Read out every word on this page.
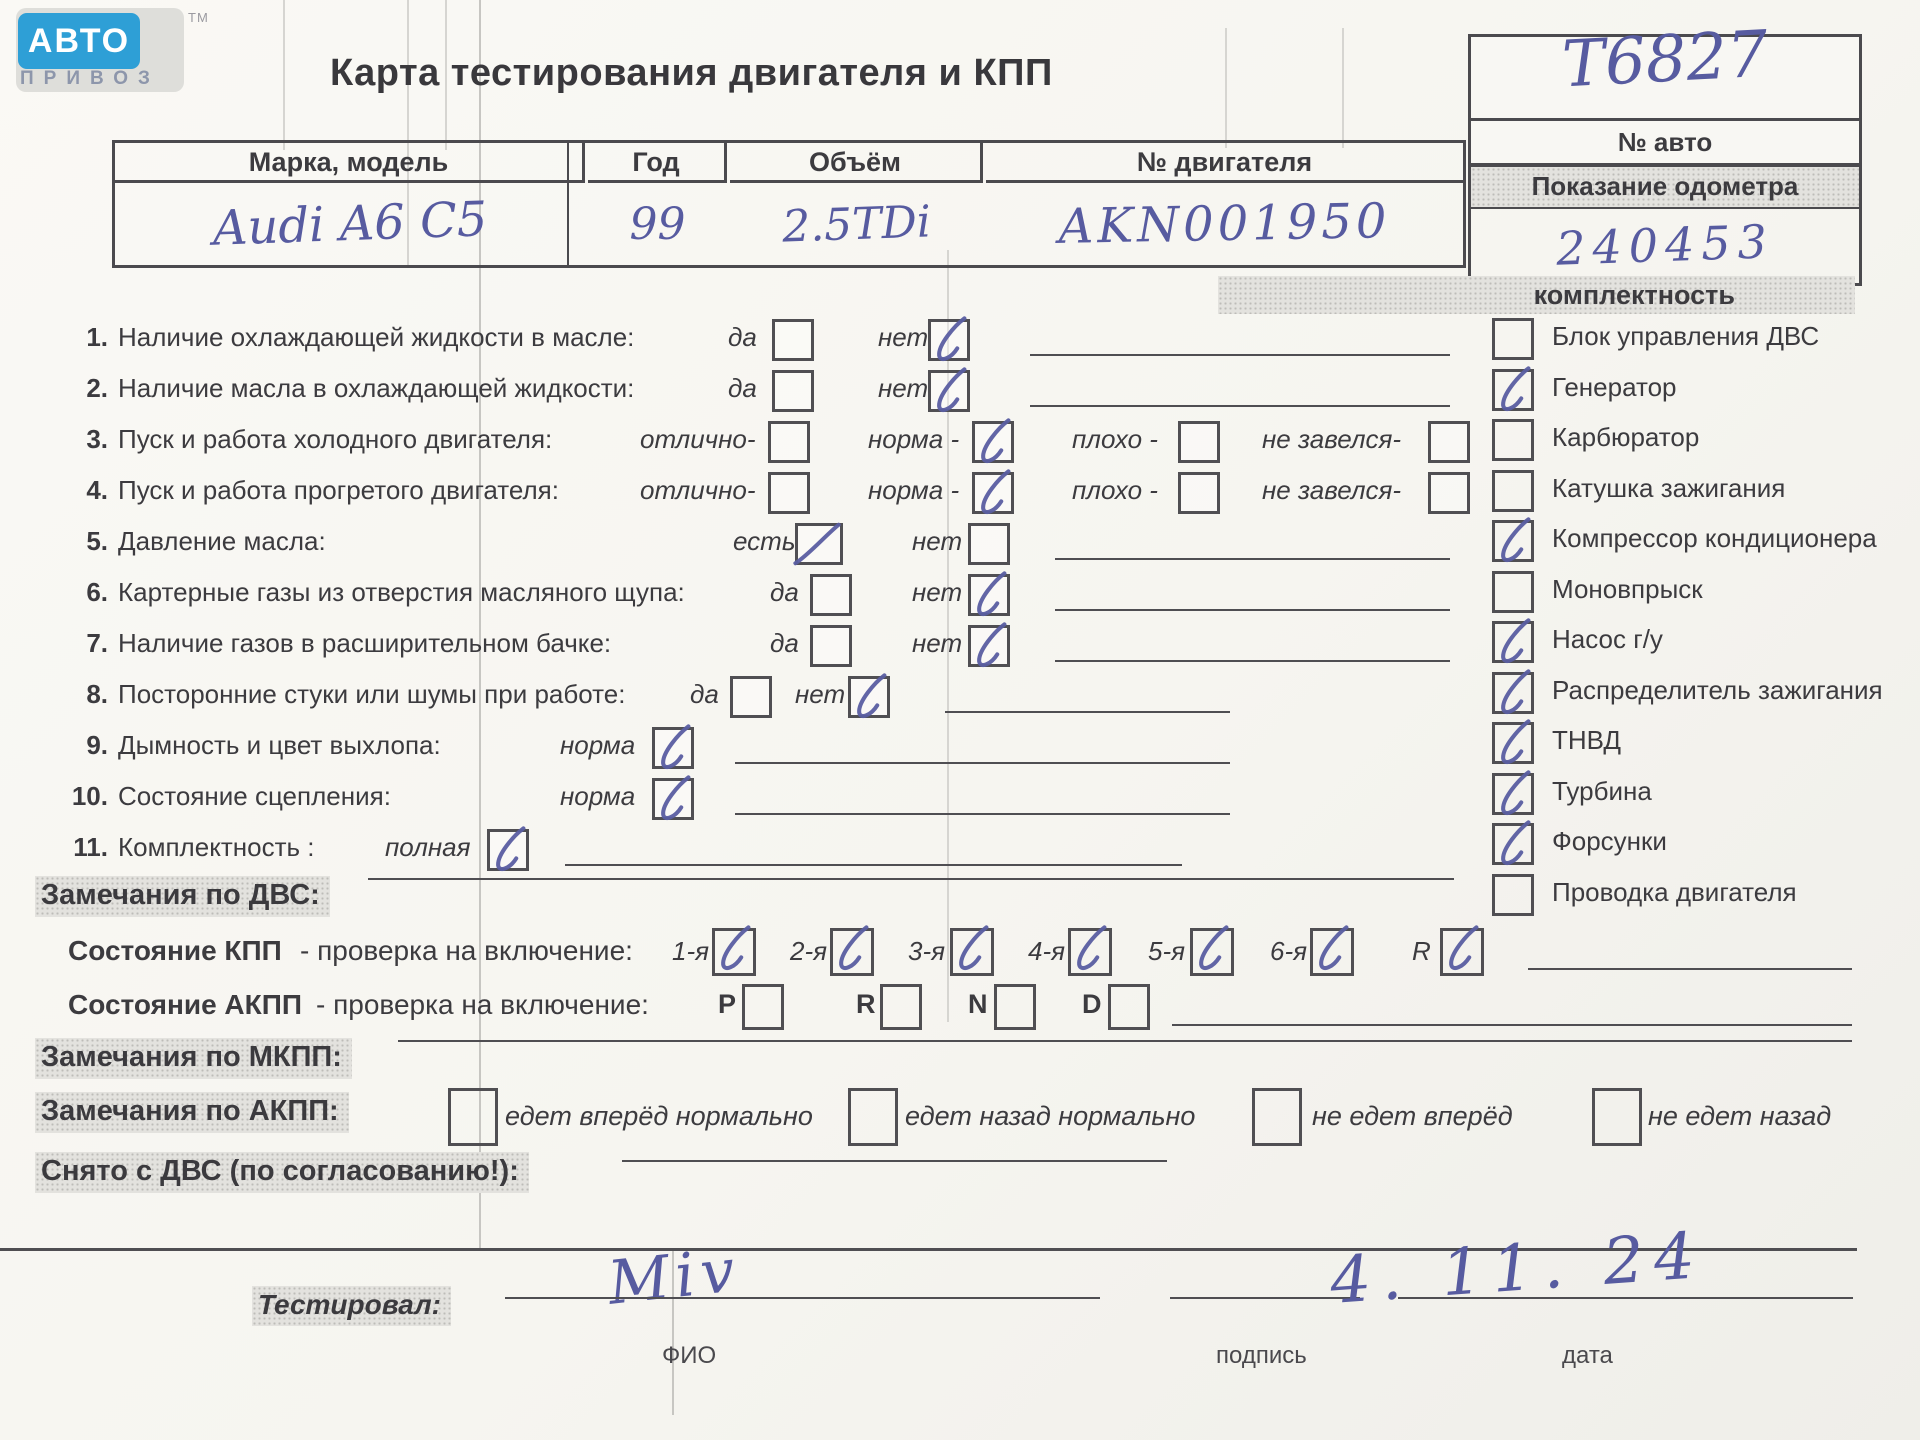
АВТО
ТМ
ПРИВОЗ	Карта тестирования двигателя и КПП	Т6827
№ авто
Марка, модель	Год	Объём	№ двигателя
Audi A6 C5	99	2.5TDi	AKN001950
Показание одометра
240453
1. Наличие охлаждающей жидкости в масле:	да	нет
2. Наличие масла в охлаждающей жидкости:	да	нет
3. Пуск и работа холодного двигателя:	отлично-	норма -	плохо -	не завелся-
4. Пуск и работа прогретого двигателя:	отлично-	норма -	плохо -	не завелся-
5. Давление масла:	есть	нет
6. Картерные газы из отверстия масляного щупа:	да	нет
7. Наличие газов в расширительном бачке:	да	нет
8. Посторонние стуки или шумы при работе: да	нет
9. Дымность и цвет выхлопа:	норма
10. Состояние сцепления:	норма
11. Комплектность :	полная
комплектность
Блок управления ДВС
Генератор
Карбюратор
Катушка зажигания
Компрессор кондиционера
Моновпрыск
Насос г/у
Распределитель зажигания
ТНВД
Турбина
Форсунки
Проводка двигателя
Замечания по ДВС:
Состояние КПП - проверка на включение: 1-я	2-я	3-я	4-я	5-я	6-я	R
Состояние АКПП - проверка на включение:	P	R	N	D
Замечания по МКПП:
Замечания по АКПП:	едет вперёд нормально	едет назад нормально	не едет вперёд	не едет назад
Снято с ДВС (по согласованию!):
Тестировал:	Мiv
ФИО	подпись
4. 11. 24
дата
